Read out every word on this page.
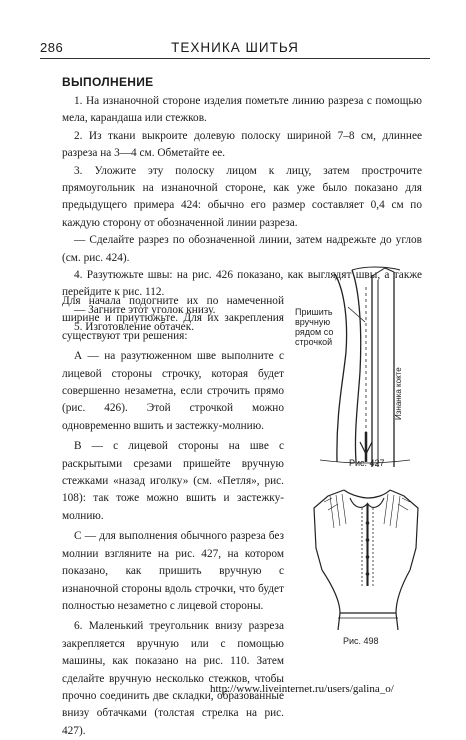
286	ТЕХНИКА ШИТЬЯ
ВЫПОЛНЕНИЕ
1. На изнаночной стороне изделия пометьте линию разреза с помощью мела, карандаша или стежков.
2. Из ткани выкроите долевую полоску шириной 7–8 см, длиннее разреза на 3—4 см. Обметайте ее.
3. Уложите эту полоску лицом к лицу, затем прострочите прямоугольник на изнаночной стороне, как уже было показано для предыдущего примера 424: обычно его размер составляет 0,4 см по каждую сторону от обозначенной линии разреза.
— Сделайте разрез по обозначенной линии, затем надрежьте до углов (см. рис. 424).
4. Разутюжьте швы: на рис. 426 показано, как выглядят швы, а также перейдите к рис. 112.
— Загните этот уголок книзу.
5. Изготовление обтачек.
Для начала подогните их по намеченной ширине и приутюжьте. Для их закрепления существуют три решения:
А — на разутюженном шве выполните с лицевой стороны строчку, которая будет совершенно незаметна, если строчить прямо (рис. 426). Этой строчкой можно одновременно вшить и застежку-молнию.
В — с лицевой стороны на шве с раскрытыми срезами пришейте вручную стежками «назад иголку» (см. «Петля», рис. 108): так тоже можно вшить и застежку-молнию.
С — для выполнения обычного разреза без молнии взгляните на рис. 427, на котором показано, как пришить вручную с изнаночной стороны вдоль строчки, что будет полностью незаметно с лицевой стороны.
6. Маленький треугольник внизу разреза закрепляется вручную или с помощью машины, как показано на рис. 110. Затем сделайте вручную несколько стежков, чтобы прочно соединить две складки, образованные внизу обтачками (толстая стрелка на рис. 427).
Пришить вручную рядом со строчкой
Изнанка кокте
Рис. 427
Рис. 498
http://www.liveinternet.ru/users/galina_o/
